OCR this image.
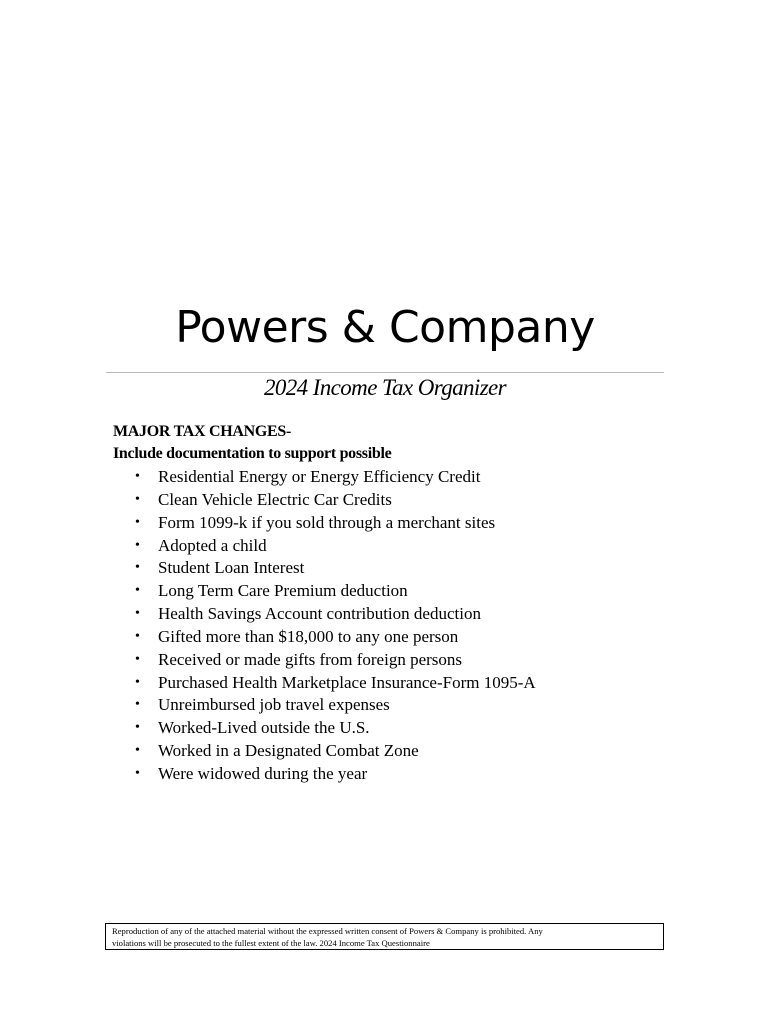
Powers & Company
2024 Income Tax Organizer

MAJOR TAX CHANGES-

Include documentation to support possible

•	Residential Energy or Energy Efficiency Credit
•	Clean Vehicle Electric Car Credits
•	Form 1099-k if you sold through a merchant sites
•	Adopted a child
•	Student Loan Interest
•	Long Term Care Premium deduction
•	Health Savings Account contribution deduction
•	Gifted more than $18,000 to any one person
•	Received or made gifts from foreign persons
•	Purchased Health Marketplace Insurance-Form 1095-A
•	Unreimbursed job travel expenses
•	Worked-Lived outside the U.S.
•	Worked in a Designated Combat Zone
•	Were widowed during the year
Reproduction of any of the attached material without the expressed written consent of Powers & Company is prohibited. Any
violations will be prosecuted to the fullest extent of the law. 2024 Income Tax Questionnaire
